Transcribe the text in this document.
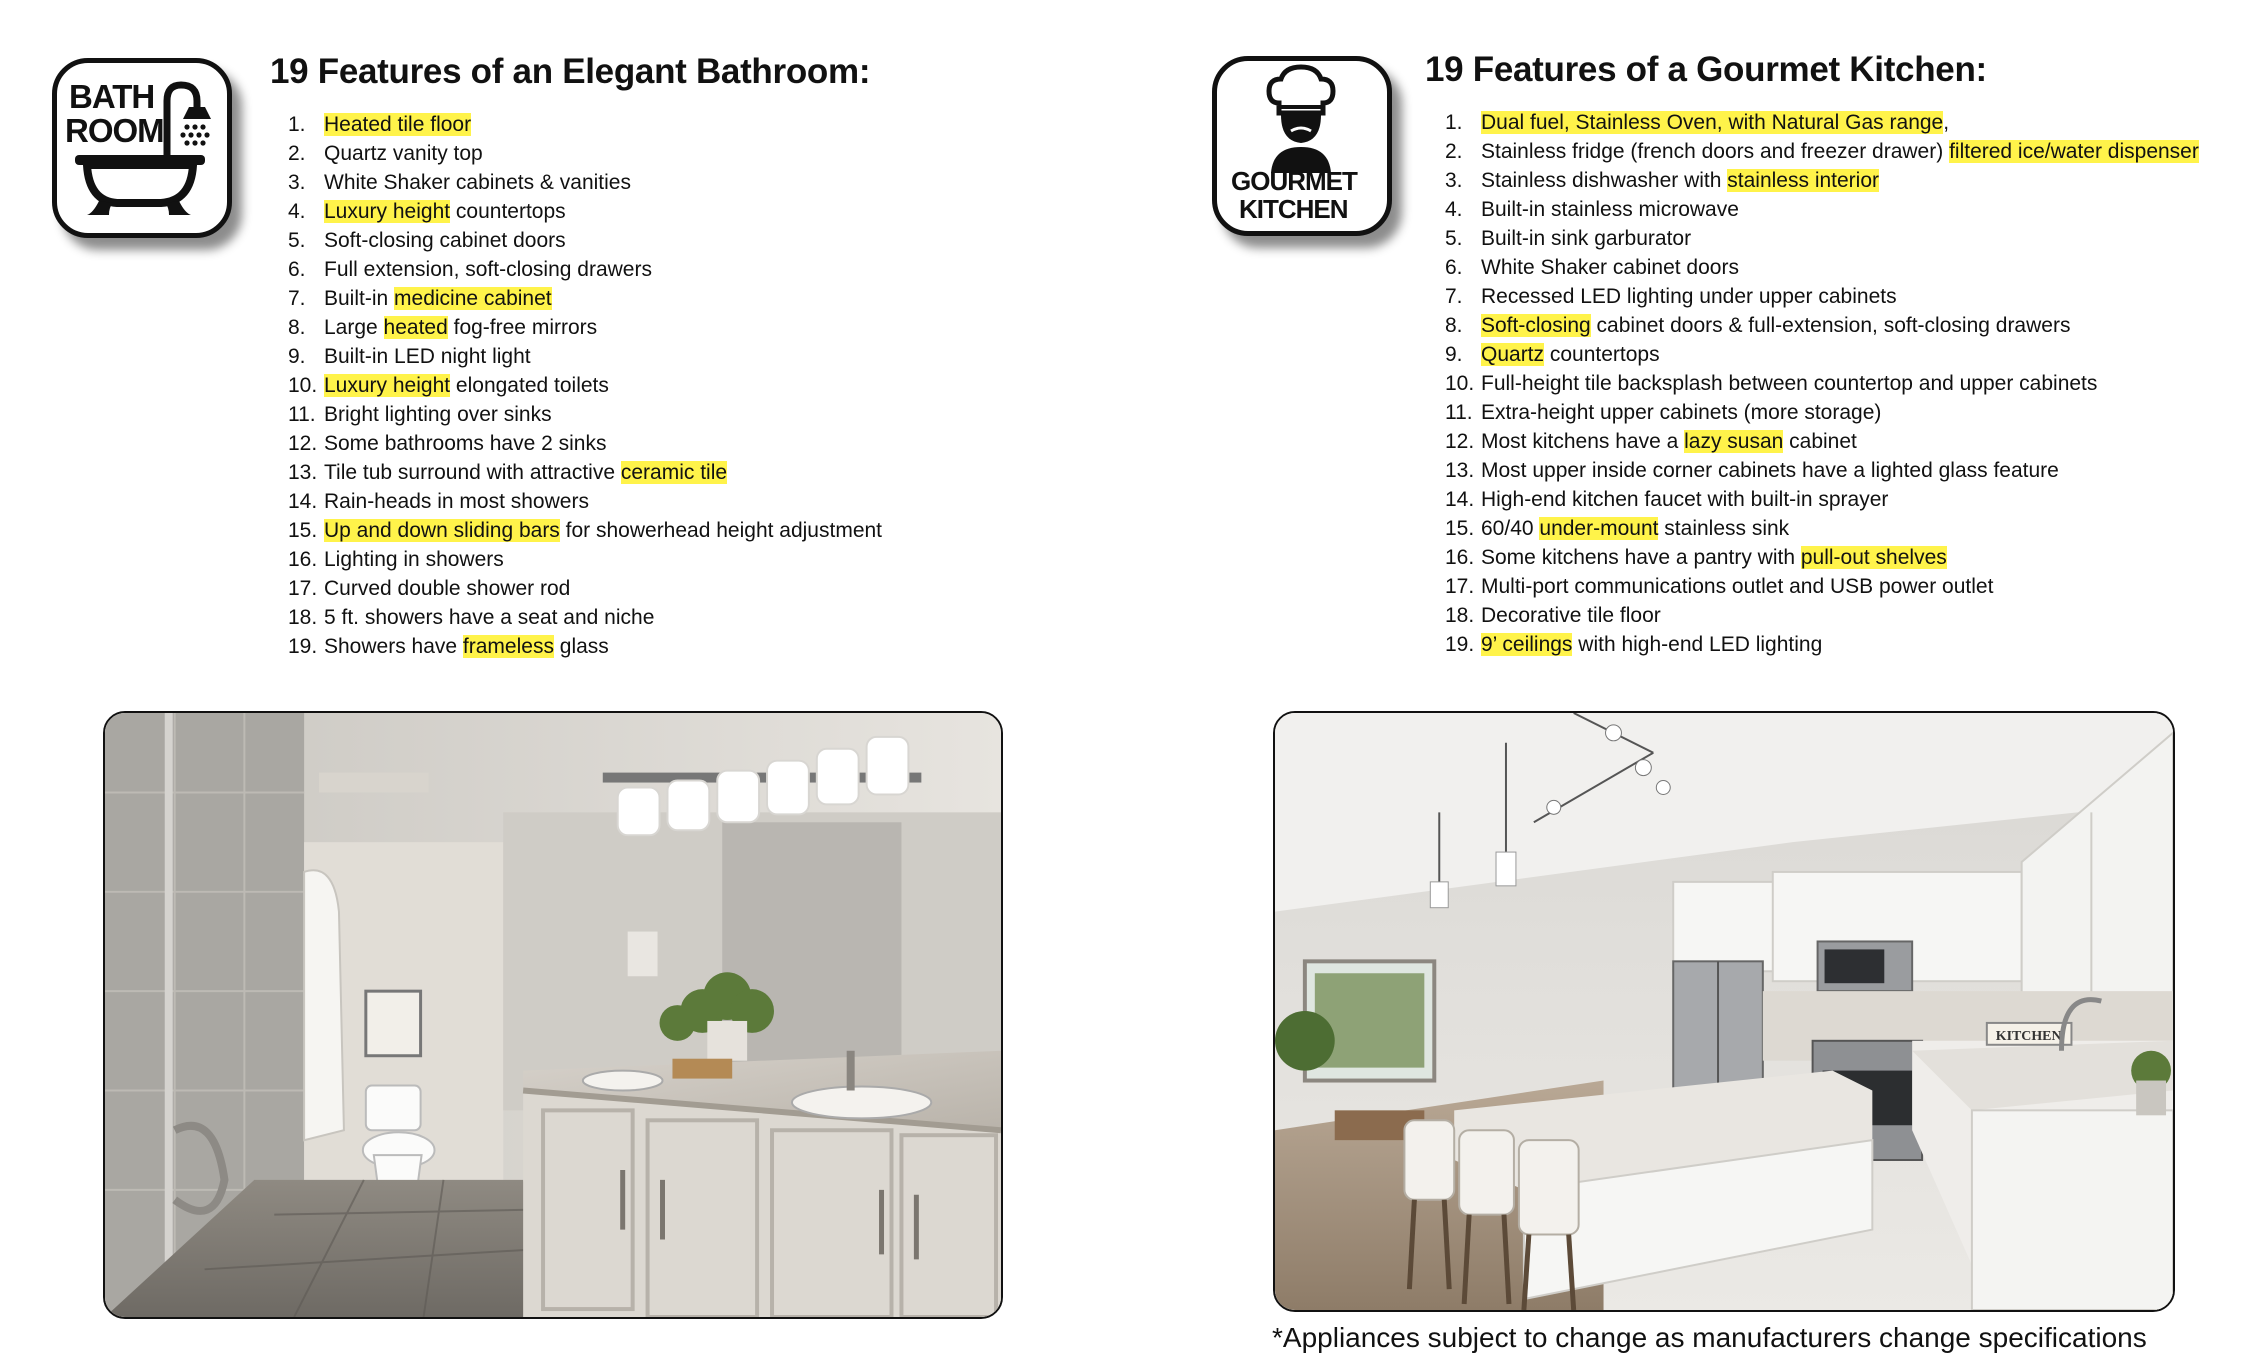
BATH
ROOM
19 Features of an Elegant Bathroom:
1. Heated tile floor
2. Quartz vanity top
3. White Shaker cabinets & vanities
4. Luxury height countertops
5. Soft-closing cabinet doors
6. Full extension, soft-closing drawers
7. Built-in medicine cabinet
8. Large heated fog-free mirrors
9. Built-in LED night light
10. Luxury height elongated toilets
11. Bright lighting over sinks
12. Some bathrooms have 2 sinks
13. Tile tub surround with attractive ceramic tile
14. Rain-heads in most showers
15. Up and down sliding bars for showerhead height adjustment
16. Lighting in showers
17. Curved double shower rod
18. 5 ft. showers have a seat and niche
19. Showers have frameless glass
GOURMET
KITCHEN
19 Features of a Gourmet Kitchen:
1. Dual fuel, Stainless Oven, with Natural Gas range,
2. Stainless fridge (french doors and freezer drawer) filtered ice/water dispenser
3. Stainless dishwasher with stainless interior
4. Built-in stainless microwave
5. Built-in sink garburator
6. White Shaker cabinet doors
7. Recessed LED lighting under upper cabinets
8. Soft-closing cabinet doors & full-extension, soft-closing drawers
9. Quartz countertops
10. Full-height tile backsplash between countertop and upper cabinets
11. Extra-height upper cabinets (more storage)
12. Most kitchens have a lazy susan cabinet
13. Most upper inside corner cabinets have a lighted glass feature
14. High-end kitchen faucet with built-in sprayer
15. 60/40 under-mount stainless sink
16. Some kitchens have a pantry with pull-out shelves
17. Multi-port communications outlet and USB power outlet
18. Decorative tile floor
19. 9’ ceilings with high-end LED lighting
KITCHEN
*Appliances subject to change as manufacturers change specifications
